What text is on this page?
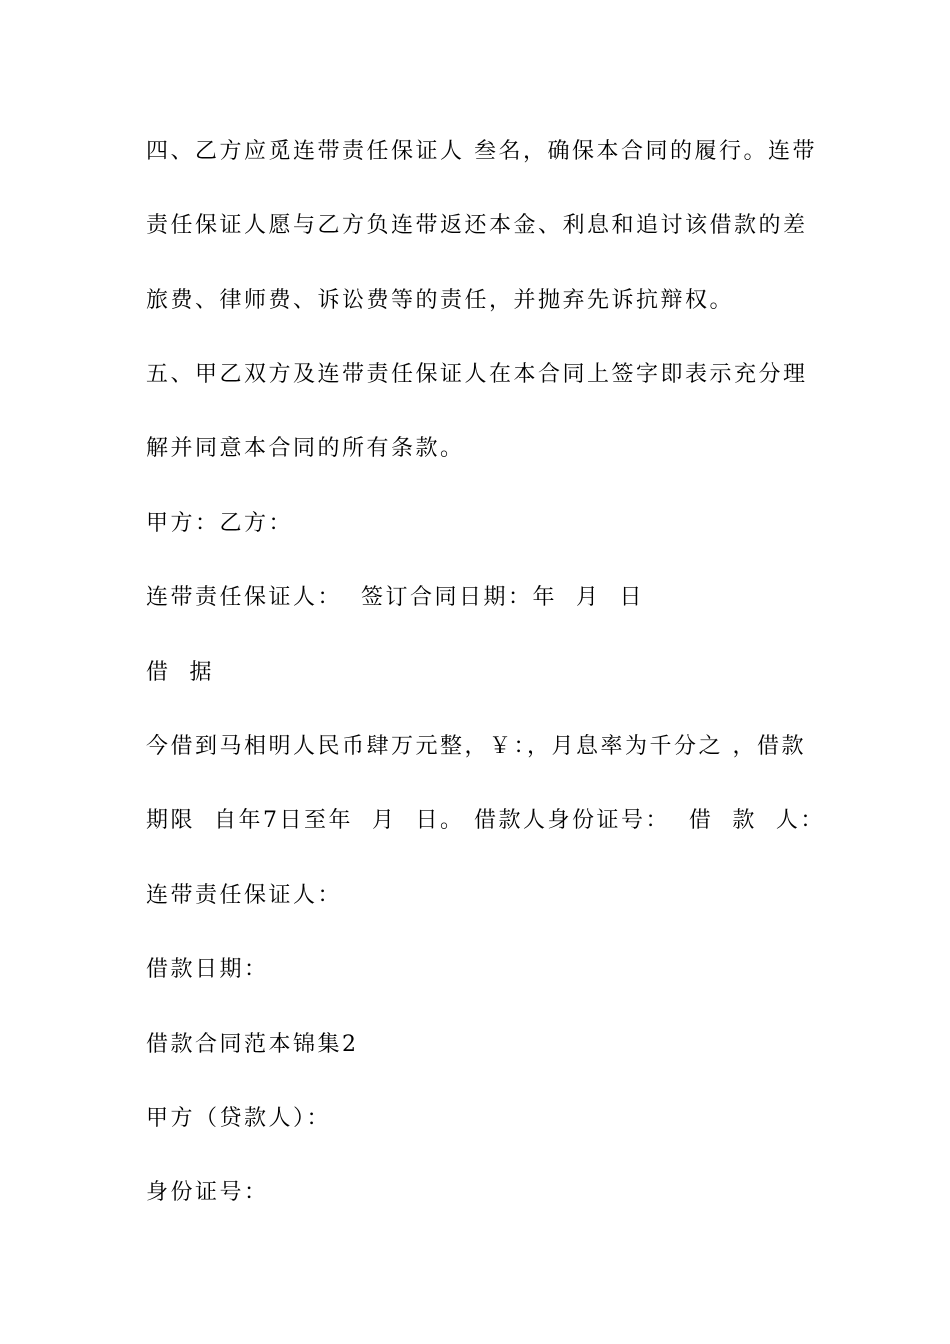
四、乙方应觅连带责任保证人 叁名，确保本合同的履行。连带
责任保证人愿与乙方负连带返还本金、利息和追讨该借款的差
旅费、律师费、诉讼费等的责任，并抛弃先诉抗辩权。
五、甲乙双方及连带责任保证人在本合同上签字即表示充分理
解并同意本合同的所有条款。
甲方：乙方：
连带责任保证人：  签订合同日期：年  月  日
借  据
今借到马相明人民币肆万元整，￥：，月息率为千分之 ，借款
期限  自年7日至年  月  日。 借款人身份证号：  借  款  人：
连带责任保证人：
借款日期：
借款合同范本锦集2
甲方（贷款人）：
身份证号：
